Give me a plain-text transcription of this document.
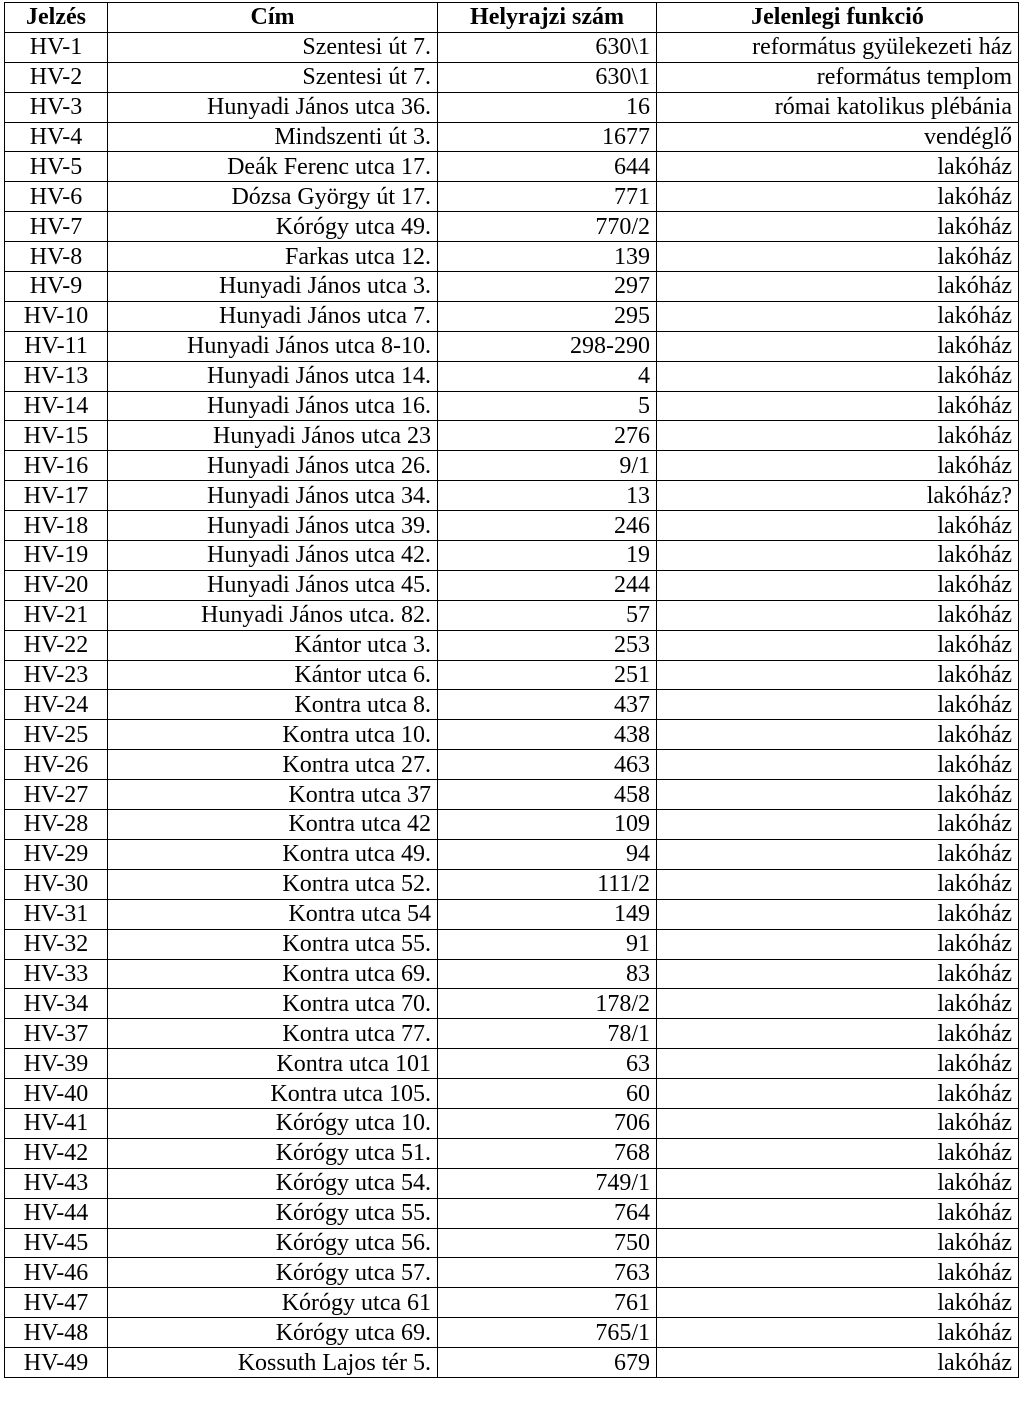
Jelzés	Cím	Helyrajzi szám	Jelenlegi funkció
HV-1	Szentesi út 7.	630\1	református gyülekezeti ház
HV-2	Szentesi út 7.	630\1	református templom
HV-3	Hunyadi János utca 36.	16	római katolikus plébánia
HV-4	Mindszenti út 3.	1677	vendéglő
HV-5	Deák Ferenc utca 17.	644	lakóház
HV-6	Dózsa György út 17.	771	lakóház
HV-7	Kórógy utca 49.	770/2	lakóház
HV-8	Farkas utca 12.	139	lakóház
HV-9	Hunyadi János utca 3.	297	lakóház
HV-10	Hunyadi János utca 7.	295	lakóház
HV-11	Hunyadi János utca 8-10.	298-290	lakóház
HV-13	Hunyadi János utca 14.	4	lakóház
HV-14	Hunyadi János utca 16.	5	lakóház
HV-15	Hunyadi János utca 23	276	lakóház
HV-16	Hunyadi János utca 26.	9/1	lakóház
HV-17	Hunyadi János utca 34.	13	lakóház?
HV-18	Hunyadi János utca 39.	246	lakóház
HV-19	Hunyadi János utca 42.	19	lakóház
HV-20	Hunyadi János utca 45.	244	lakóház
HV-21	Hunyadi János utca. 82.	57	lakóház
HV-22	Kántor utca 3.	253	lakóház
HV-23	Kántor utca 6.	251	lakóház
HV-24	Kontra utca 8.	437	lakóház
HV-25	Kontra utca 10.	438	lakóház
HV-26	Kontra utca 27.	463	lakóház
HV-27	Kontra utca 37	458	lakóház
HV-28	Kontra utca 42	109	lakóház
HV-29	Kontra utca 49.	94	lakóház
HV-30	Kontra utca 52.	111/2	lakóház
HV-31	Kontra utca 54	149	lakóház
HV-32	Kontra utca 55.	91	lakóház
HV-33	Kontra utca 69.	83	lakóház
HV-34	Kontra utca 70.	178/2	lakóház
HV-37	Kontra utca 77.	78/1	lakóház
HV-39	Kontra utca 101	63	lakóház
HV-40	Kontra utca 105.	60	lakóház
HV-41	Kórógy utca 10.	706	lakóház
HV-42	Kórógy utca 51.	768	lakóház
HV-43	Kórógy utca 54.	749/1	lakóház
HV-44	Kórógy utca 55.	764	lakóház
HV-45	Kórógy utca 56.	750	lakóház
HV-46	Kórógy utca 57.	763	lakóház
HV-47	Kórógy utca 61	761	lakóház
HV-48	Kórógy utca 69.	765/1	lakóház
HV-49	Kossuth Lajos tér 5.	679	lakóház
